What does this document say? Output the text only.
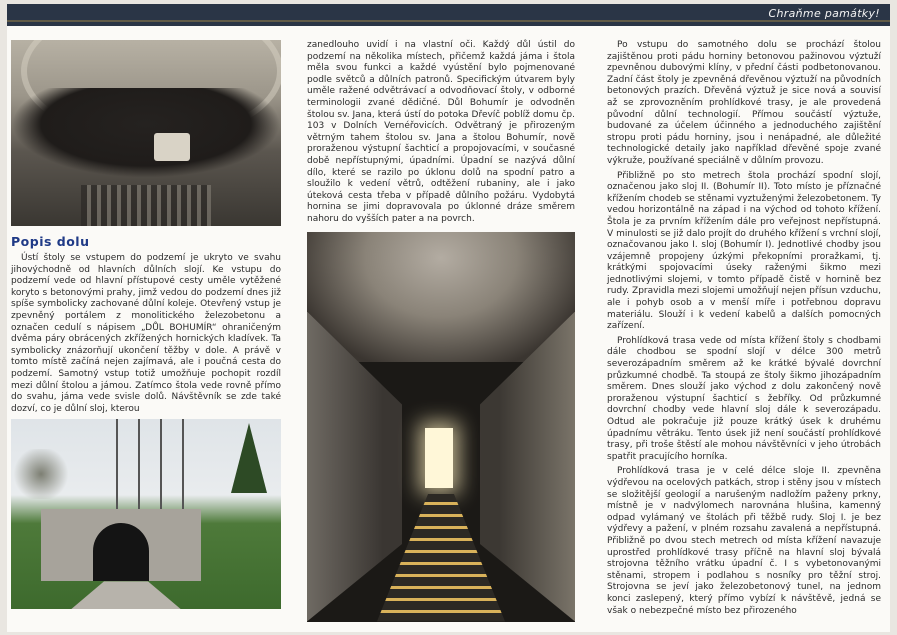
Chraňme památky!
Popis dolu

Ústí štoly se vstupem do podzemí je ukryto ve svahu jihovýchodně od hlavních důlních slojí. Ke vstupu do podzemí vede od hlavní přístupové cesty uměle vytěžené koryto s betonovými prahy, jimž vedou do podzemí dnes již spíše symbolicky zachované důlní koleje. Otevřený vstup je zpevněný portálem z monolitického železobetonu a označen cedulí s nápisem „DŮL BOHUMÍR“ ohraničeným dvěma páry obrácených zkřížených hornických kladívek. Ta symbolicky znázorňují ukončení těžby v dole. A právě v tomto místě začíná nejen zajímavá, ale i poučná cesta do podzemí. Samotný vstup totiž umožňuje pochopit rozdíl mezi důlní štolou a jámou. Zatímco štola vede rovně přímo do svahu, jáma vede svisle dolů. Návštěvník se zde také dozví, co je důlní sloj, kterou

zanedlouho uvidí i na vlastní oči. Každý důl ústil do podzemí na několika místech, přičemž každá jáma i štola měla svou funkci a každé vyústění bylo pojmenované podle světců a důlních patronů. Specifickým útvarem byly uměle ražené odvětrávací a odvodňovací štoly, v odborné terminologii zvané dědičné. Důl Bohumír je odvodněn štolou sv. Jana, která ústí do potoka Dřevíč poblíž domu čp. 103 v Dolních Vernéřovicích. Odvětraný je přirozeným větrným tahem štolou sv. Jana a štolou Bohumír, nově proraženou výstupní šachticí a propojovacími, v současné době nepřístupnými, úpadními. Úpadní se nazývá důlní dílo, které se razilo po úklonu dolů na spodní patro a sloužilo k vedení větrů, odtěžení rubaniny, ale i jako úteková cesta třeba v případě důlního požáru. Vydobytá hornina se jimi dopravovala po úklonné dráze směrem nahoru do vyšších pater a na povrch.

Po vstupu do samotného dolu se prochází štolou zajištěnou proti pádu horniny betonovou pažinovou výztuží zpevněnou dubovými klíny, v přední části podbetonovanou. Zadní část štoly je zpevněná dřevěnou výztuží na původních betonových prazích. Dřevěná výztuž je sice nová a souvisí až se zprovozněním prohlídkové trasy, je ale provedená původní důlní technologií. Přímou součástí výztuže, budované za účelem účinného a jednoduchého zajištění stropu proti pádu horniny, jsou i nenápadné, ale důležité technologické detaily jako například dřevěné spoje zvané výkruže, používané speciálně v důlním provozu.

Přibližně po sto metrech štola prochází spodní slojí, označenou jako sloj II. (Bohumír II). Toto místo je příznačné křížením chodeb se stěnami vyztuženými železobetonem. Ty vedou horizontálně na západ i na východ od tohoto křížení. Štola je za prvním křížením dále pro veřejnost nepřístupná. V minulosti se již dalo projít do druhého křížení s vrchní slojí, označovanou jako I. sloj (Bohumír I). Jednotlivé chodby jsou vzájemně propojeny úzkými překopními proražkami, tj. krátkými spojovacími úseky raženými šikmo mezi jednotlivými slojemi, v tomto případě čistě v hornině bez rudy. Zpravidla mezi slojemi umožňují nejen přísun vzduchu, ale i pohyb osob a v menší míře i potřebnou dopravu materiálu. Slouží i k vedení kabelů a dalších pomocných zařízení.

Prohlídková trasa vede od místa křížení štoly s chodbami dále chodbou se spodní slojí v délce 300 metrů severozápadním směrem až ke krátké bývalé dovrchní průzkumné chodbě. Ta stoupá ze štoly šikmo jihozápadním směrem. Dnes slouží jako východ z dolu zakončený nově proraženou výstupní šachticí s žebříky. Od průzkumné dovrchní chodby vede hlavní sloj dále k severozápadu. Odtud ale pokračuje již pouze krátký úsek k druhému úpadnímu větráku. Tento úsek již není součástí prohlídkové trasy, při troše štěstí ale mohou návštěvníci v jeho útrobách spatřit pracujícího horníka.

Prohlídková trasa je v celé délce sloje II. zpevněna výdřevou na ocelových patkách, strop i stěny jsou v místech se složitější geologií a narušeným nadložím paženy prkny, místně je v nadvýlomech narovnána hlušina, kamenný odpad vylámaný ve štolách při těžbě rudy. Sloj I. je bez výdřevy a pažení, v plném rozsahu zavalená a nepřístupná. Přibližně po dvou stech metrech od místa křížení navazuje uprostřed prohlídkové trasy příčně na hlavní sloj bývalá strojovna těžního vrátku úpadní č. I s vybetonovanými stěnami, stropem i podlahou s nosníky pro těžní stroj. Strojovna se jeví jako železobetonový tunel, na jednom konci zaslepený, který přímo vybízí k návštěvě, jedná se však o nebezpečné místo bez přirozeného
